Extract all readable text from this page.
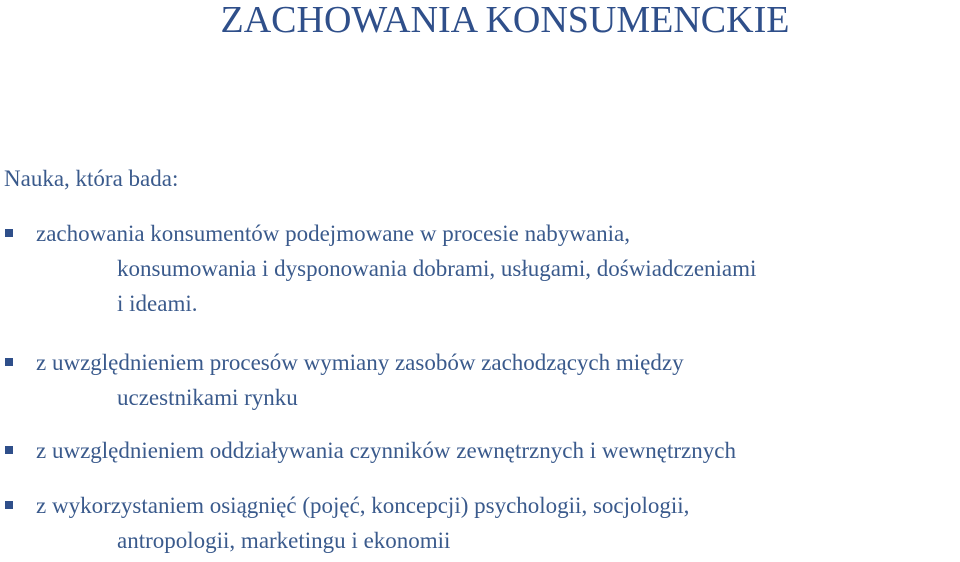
ZACHOWANIA KONSUMENCKIE
Nauka, która bada:
zachowania konsumentów podejmowane w procesie nabywania,
konsumowania i dysponowania dobrami, usługami, doświadczeniami
i ideami.
z uwzględnieniem procesów wymiany zasobów zachodzących między
uczestnikami rynku
z uwzględnieniem oddziaływania czynników zewnętrznych i wewnętrznych
z wykorzystaniem osiągnięć (pojęć, koncepcji) psychologii, socjologii,
antropologii, marketingu i ekonomii
